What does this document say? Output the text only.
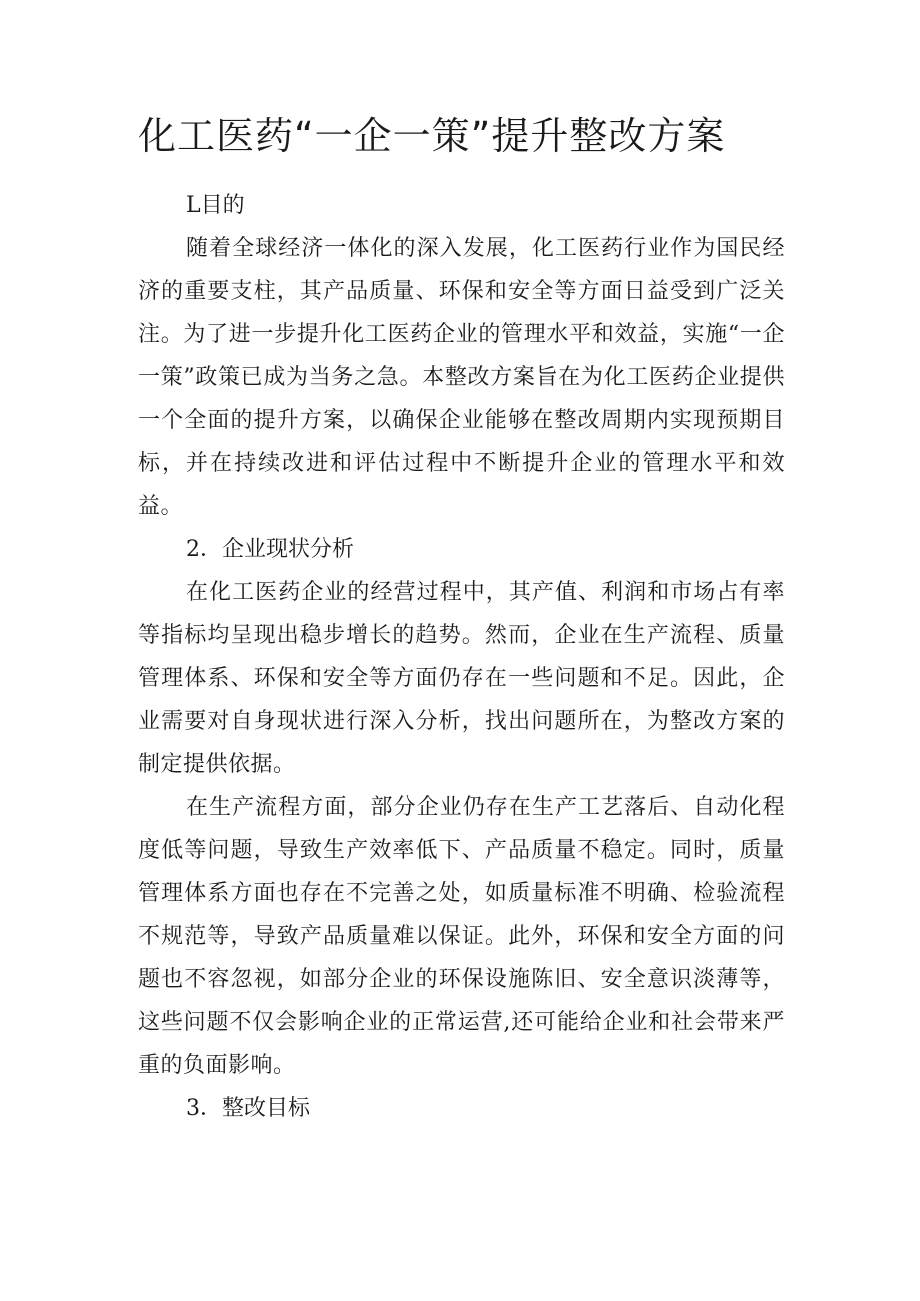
化工医药“一企一策”提升整改方案

L目的

随着全球经济一体化的深入发展，化工医药行业作为国民经济的重要支柱，其产品质量、环保和安全等方面日益受到广泛关注。为了进一步提升化工医药企业的管理水平和效益，实施“一企一策”政策已成为当务之急。本整改方案旨在为化工医药企业提供一个全面的提升方案，以确保企业能够在整改周期内实现预期目标，并在持续改进和评估过程中不断提升企业的管理水平和效益。

2．企业现状分析

在化工医药企业的经营过程中，其产值、利润和市场占有率等指标均呈现出稳步增长的趋势。然而，企业在生产流程、质量管理体系、环保和安全等方面仍存在一些问题和不足。因此，企业需要对自身现状进行深入分析，找出问题所在，为整改方案的制定提供依据。

在生产流程方面，部分企业仍存在生产工艺落后、自动化程度低等问题，导致生产效率低下、产品质量不稳定。同时，质量管理体系方面也存在不完善之处，如质量标准不明确、检验流程不规范等，导致产品质量难以保证。此外，环保和安全方面的问题也不容忽视，如部分企业的环保设施陈旧、安全意识淡薄等，这些问题不仅会影响企业的正常运营,还可能给企业和社会带来严重的负面影响。

3．整改目标
